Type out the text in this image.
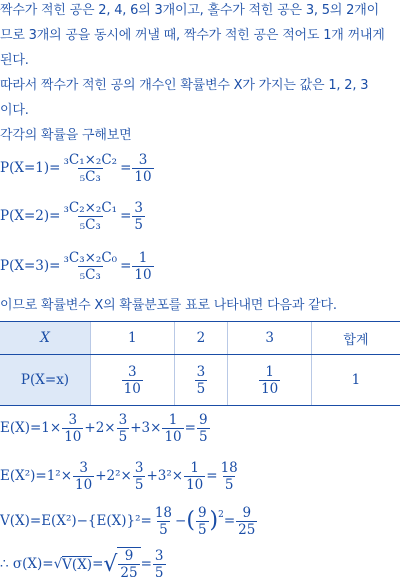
짝수가 적힌 공은 2, 4, 6의 3개이고, 홀수가 적힌 공은 3, 5의 2개이
므로 3개의 공을 동시에 꺼낼 때, 짝수가 적힌 공은 적어도 1개 꺼내게
된다.
따라서 짝수가 적힌 공의 개수인 확률변수 X가 가지는 값은 1, 2, 3
이다.
각각의 확률을 구해보면
$P(X=1) = \frac{\text{₃C₁×₂C₂}}{\text{₅C₃}} = \frac{3}{10}$
$P(X=2) = \frac{\text{₃C₂×₂C₁}}{\text{₅C₃}} = \frac{3}{5}$
$P(X=3) = \frac{\text{₃C₃×₂C₀}}{\text{₅C₃}} = \frac{1}{10}$
이므로 확률변수 X의 확률분포를 표로 나타내면 다음과 같다.
X	1	2	3	합계
P(X=x)	$\frac{3}{10}$	$\frac{3}{5}$	$\frac{1}{10}$	1
$E(X)=1\times \frac{3}{10} +2\times \frac{3}{5} +3\times \frac{1}{10} = \frac{9}{5}$
$E(X^2)=1^2\times \frac{3}{10} +2^2\times \frac{3}{5} +3^2\times \frac{1}{10} = \frac{18}{5}$
$V(X)=E(X^2)-\{E(X)\}^2= \frac{18}{5}$ − ( $\frac{9}{5}$ ) $2 = \frac{9}{25}$
∴ σ(X)= √ V(X) = √ $\frac{9}{25} = \frac{3}{5}$
